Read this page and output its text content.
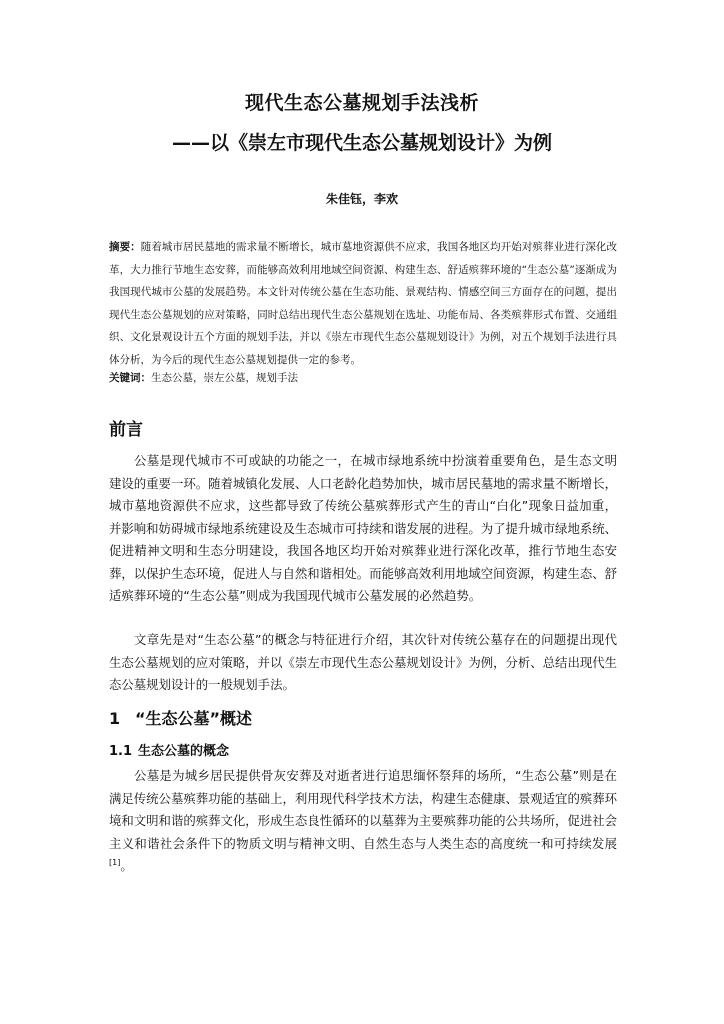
现代生态公墓规划手法浅析
——以《崇左市现代生态公墓规划设计》为例
朱佳钰，李欢
摘要：随着城市居民墓地的需求量不断增长，城市墓地资源供不应求，我国各地区均开始对殡葬业进行深化改革，大力推行节地生态安葬，而能够高效利用地域空间资源、构建生态、舒适殡葬环境的“生态公墓”逐渐成为我国现代城市公墓的发展趋势。本文针对传统公墓在生态功能、景观结构、情感空间三方面存在的问题，提出现代生态公墓规划的应对策略，同时总结出现代生态公墓规划在选址、功能布局、各类殡葬形式布置、交通组织、文化景观设计五个方面的规划手法，并以《崇左市现代生态公墓规划设计》为例，对五个规划手法进行具体分析，为今后的现代生态公墓规划提供一定的参考。
关键词：生态公墓，崇左公墓，规划手法
前言
公墓是现代城市不可或缺的功能之一，在城市绿地系统中扮演着重要角色，是生态文明建设的重要一环。随着城镇化发展、人口老龄化趋势加快，城市居民墓地的需求量不断增长，城市墓地资源供不应求，这些都导致了传统公墓殡葬形式产生的青山“白化”现象日益加重，并影响和妨碍城市绿地系统建设及生态城市可持续和谐发展的进程。为了提升城市绿地系统、促进精神文明和生态分明建设，我国各地区均开始对殡葬业进行深化改革，推行节地生态安葬，以保护生态环境，促进人与自然和谐相处。而能够高效利用地域空间资源，构建生态、舒适殡葬环境的“生态公墓”则成为我国现代城市公墓发展的必然趋势。
文章先是对“生态公墓”的概念与特征进行介绍，其次针对传统公墓存在的问题提出现代生态公墓规划的应对策略，并以《崇左市现代生态公墓规划设计》为例，分析、总结出现代生态公墓规划设计的一般规划手法。
1 “生态公墓”概述
1.1 生态公墓的概念
公墓是为城乡居民提供骨灰安葬及对逝者进行追思缅怀祭拜的场所，“生态公墓”则是在满足传统公墓殡葬功能的基础上，利用现代科学技术方法，构建生态健康、景观适宜的殡葬环境和文明和谐的殡葬文化，形成生态良性循环的以墓葬为主要殡葬功能的公共场所，促进社会主义和谐社会条件下的物质文明与精神文明、自然生态与人类生态的高度统一和可持续发展[1]。
